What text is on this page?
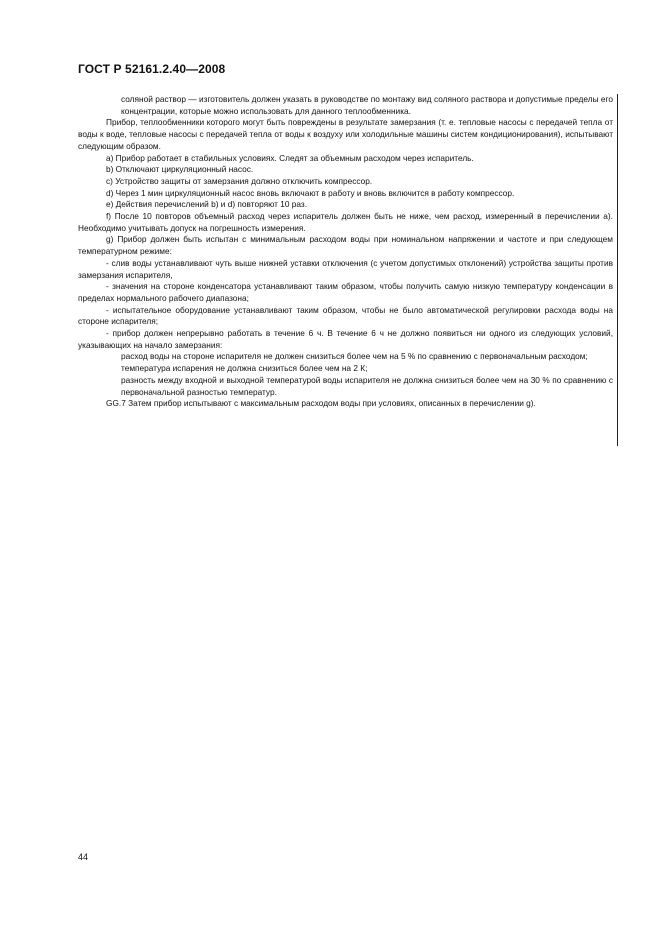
ГОСТ Р 52161.2.40—2008

соляной раствор — изготовитель должен указать в руководстве по монтажу вид соляного раствора и допустимые пределы его концентрации, которые можно использовать для данного теплообменника.

Прибор, теплообменники которого могут быть повреждены в результате замерзания (т. е. тепловые насосы с передачей тепла от воды к воде, тепловые насосы с передачей тепла от воды к воздуху или холодильные машины систем кондиционирования), испытывают следующим образом.

a) Прибор работает в стабильных условиях. Следят за объемным расходом через испаритель.

b) Отключают циркуляционный насос.

c) Устройство защиты от замерзания должно отключить компрессор.

d) Через 1 мин циркуляционный насос вновь включают в работу и вновь включится в работу компрессор.

e) Действия перечислений b) и d) повторяют 10 раз.

f) После 10 повторов объемный расход через испаритель должен быть не ниже, чем расход, измеренный в перечислении а). Необходимо учитывать допуск на погрешность измерения.

g) Прибор должен быть испытан с минимальным расходом воды при номинальном напряжении и частоте и при следующем температурном режиме:

- слив воды устанавливают чуть выше нижней уставки отключения (с учетом допустимых отклонений) устройства защиты против замерзания испарителя,

- значения на стороне конденсатора устанавливают таким образом, чтобы получить самую низкую температуру конденсации в пределах нормального рабочего диапазона;

- испытательное оборудование устанавливают таким образом, чтобы не было автоматической регулировки расхода воды на стороне испарителя;

- прибор должен непрерывно работать в течение 6 ч. В течение 6 ч не должно появиться ни одного из следующих условий, указывающих на начало замерзания:

расход воды на стороне испарителя не должен снизиться более чем на 5 % по сравнению с первоначальным расходом;

температура испарения не должна снизиться более чем на 2 К;

разность между входной и выходной температурой воды испарителя не должна снизиться более чем на 30 % по сравнению с первоначальной разностью температур.

GG.7 Затем прибор испытывают с максимальным расходом воды при условиях, описанных в перечислении g).

44
